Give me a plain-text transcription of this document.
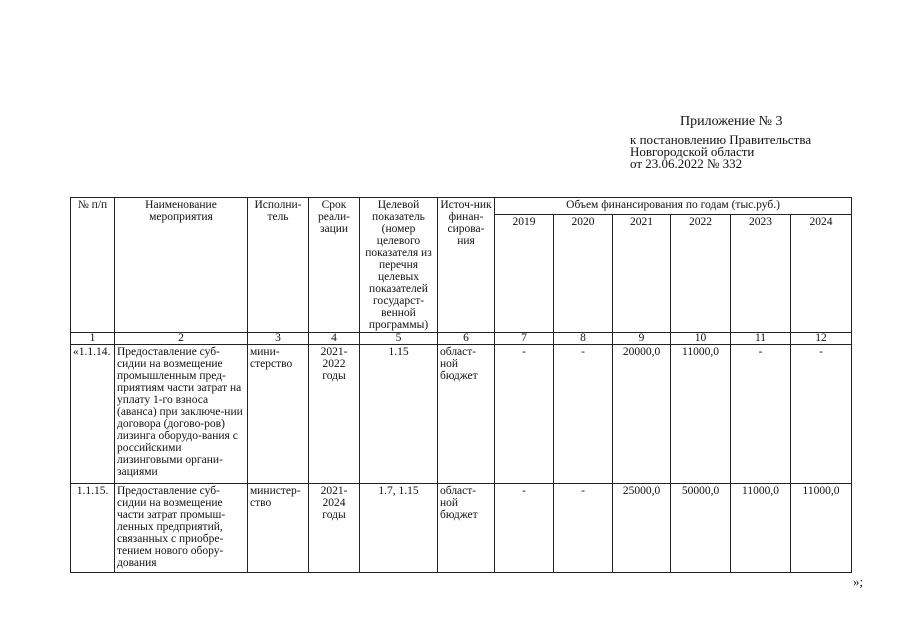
Приложение № 3
к постановлению Правительства
Новгородской области
от 23.06.2022 № 332
№ п/п	Наименование мероприятия	Исполни-тель	Срок реали-зации	Целевой показатель (номер целевого показателя из перечня целевых показателей государст-венной программы)	Источ-ник финан-сирова-ния	Объем финансирования по годам (тыс.руб.)					
						2019	2020	2021	2022	2023	2024
1	2	3	4	5	6	7	8	9	10	11	12
«1.1.14.	Предоставление суб-сидии на возмещение промышленным пред-приятиям части затрат на уплату 1-го взноса (аванса) при заключе-нии договора (догово-ров) лизинга оборудо-вания с российскими лизинговыми органи-зациями	мини-стерство	2021-2022 годы	1.15	област-ной бюджет	-	-	20000,0	11000,0	-	-
1.1.15.	Предоставление суб-сидии на возмещение части затрат промыш-ленных предприятий, связанных с приобре-тением нового обору-дования	министер-ство	2021-2024 годы	1.7, 1.15	област-ной бюджет	-	-	25000,0	50000,0	11000,0	11000,0
»;
